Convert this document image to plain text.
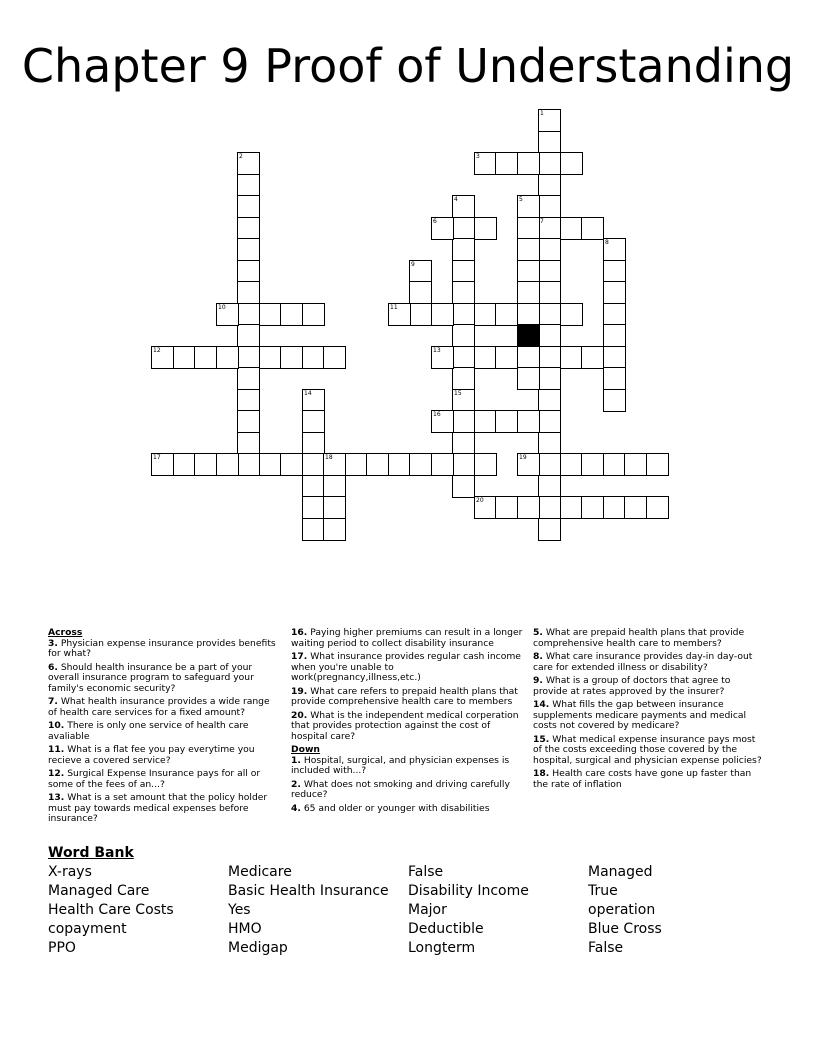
Chapter 9 Proof of Understanding
1
7
2	3
4
15
5
6
8
9
10	11
12	13
14
16
17	18	19
20
Across
3. Physician expense insurance provides benefits for what?
6. Should health insurance be a part of your overall insurance program to safeguard your family's economic security?
7. What health insurance provides a wide range of health care services for a fixed amount?
10. There is only one service of health care avaliable
11. What is a flat fee you pay everytime you recieve a covered service?
12. Surgical Expense Insurance pays for all or some of the fees of an...?
13. What is a set amount that the policy holder must pay towards medical expenses before insurance?
16. Paying higher premiums can result in a longer waiting period to collect disability insurance
17. What insurance provides regular cash income when you're unable to work(pregnancy,illness,etc.)
19. What care refers to prepaid health plans that provide comprehensive health care to members
20. What is the independent medical corperation that provides protection against the cost of hospital care?
Down
1. Hospital, surgical, and physician expenses is included with...?
2. What does not smoking and driving carefully reduce?
4. 65 and older or younger with disabilities
5. What are prepaid health plans that provide comprehensive health care to members?
8. What care insurance provides day-in day-out care for extended illness or disability?
9. What is a group of doctors that agree to provide at rates approved by the insurer?
14. What fills the gap between insurance supplements medicare payments and medical costs not covered by medicare?
15. What medical expense insurance pays most of the costs exceeding those covered by the hospital, surgical and physician expense policies?
18. Health care costs have gone up faster than the rate of inflation
Word Bank
X-rays	Medicare	False	Managed
Managed Care	Basic Health Insurance	Disability Income	True
Health Care Costs	Yes	Major	operation
copayment	HMO	Deductible	Blue Cross
PPO	Medigap	Longterm	False
